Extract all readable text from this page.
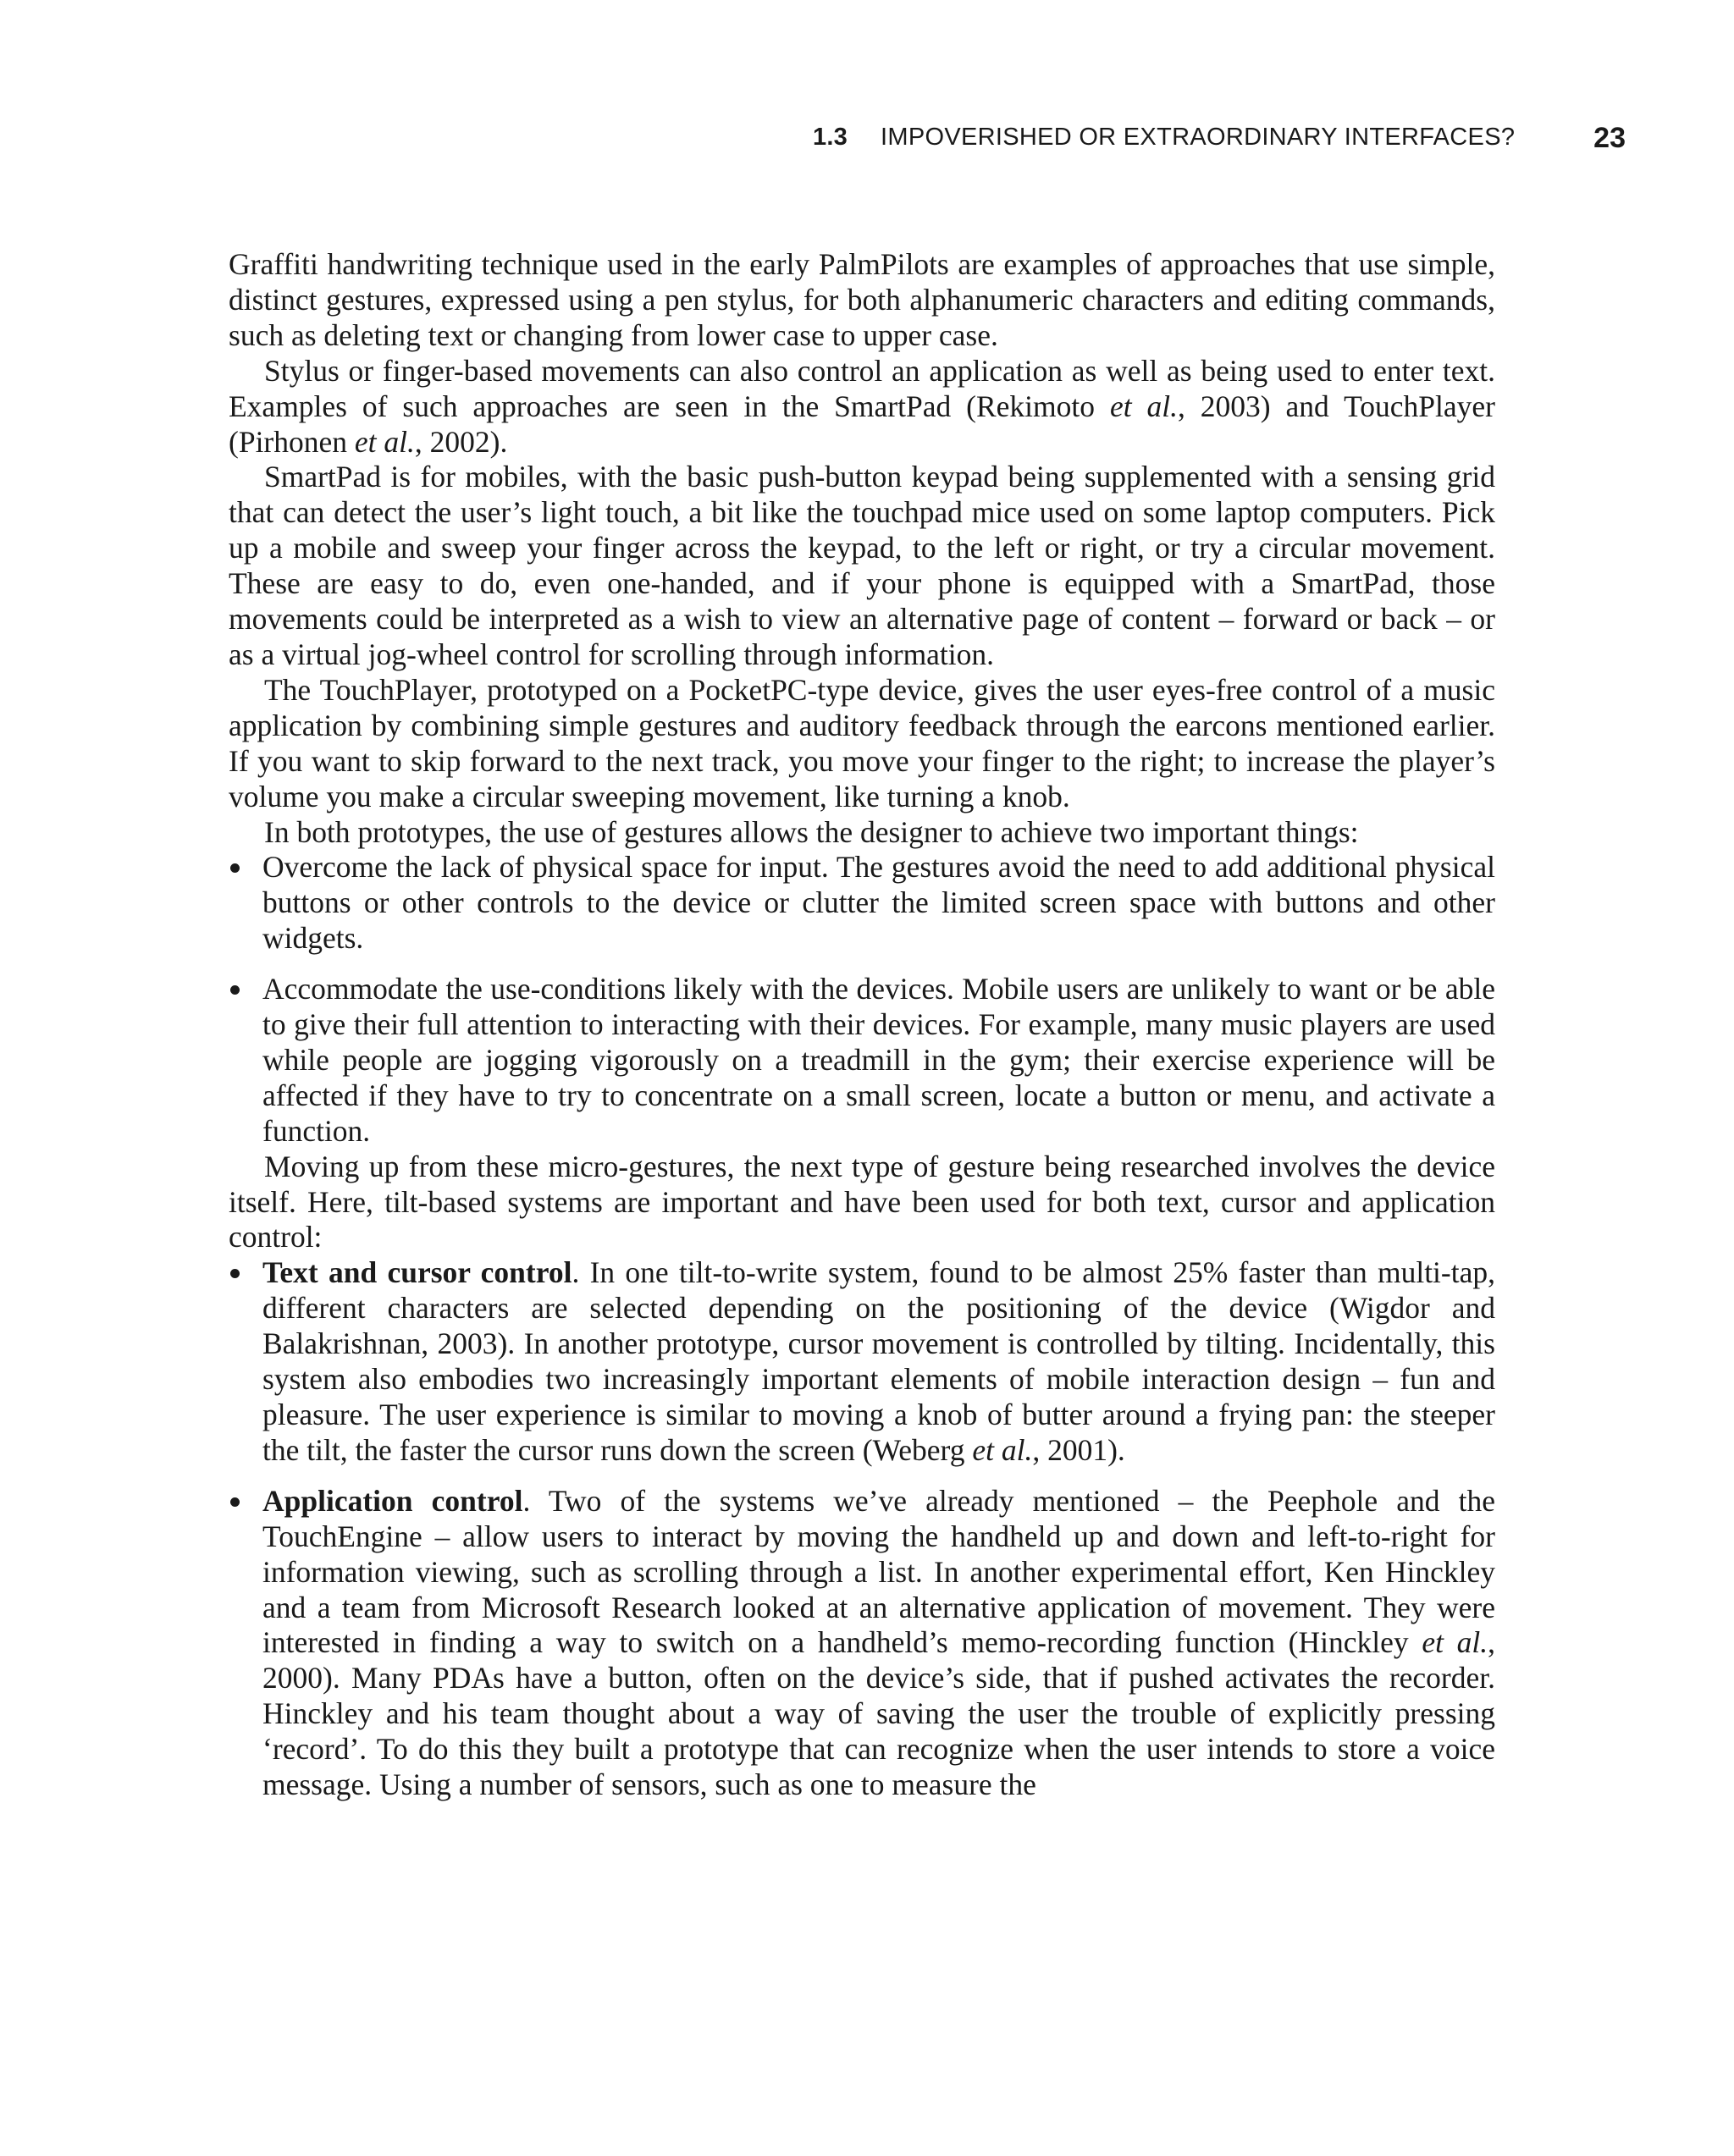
1.3 IMPOVERISHED OR EXTRAORDINARY INTERFACES?	23

Graffiti handwriting technique used in the early PalmPilots are examples of approaches that use simple, distinct gestures, expressed using a pen stylus, for both alphanumeric characters and editing commands, such as deleting text or changing from lower case to upper case.

Stylus or finger-based movements can also control an application as well as being used to enter text. Examples of such approaches are seen in the SmartPad (Rekimoto et al., 2003) and TouchPlayer (Pirhonen et al., 2002).

SmartPad is for mobiles, with the basic push-button keypad being supplemented with a sensing grid that can detect the user’s light touch, a bit like the touchpad mice used on some laptop computers. Pick up a mobile and sweep your finger across the keypad, to the left or right, or try a circular movement. These are easy to do, even one-handed, and if your phone is equipped with a SmartPad, those movements could be interpreted as a wish to view an alternative page of content – forward or back – or as a virtual jog-wheel control for scrolling through information.

The TouchPlayer, prototyped on a PocketPC-type device, gives the user eyes-free control of a music application by combining simple gestures and auditory feedback through the earcons mentioned earlier. If you want to skip forward to the next track, you move your finger to the right; to increase the player’s volume you make a circular sweeping movement, like turning a knob.

In both prototypes, the use of gestures allows the designer to achieve two important things:

Overcome the lack of physical space for input. The gestures avoid the need to add additional physical buttons or other controls to the device or clutter the limited screen space with buttons and other widgets.
Accommodate the use-conditions likely with the devices. Mobile users are unlikely to want or be able to give their full attention to interacting with their devices. For example, many music players are used while people are jogging vigorously on a treadmill in the gym; their exercise experience will be affected if they have to try to concentrate on a small screen, locate a button or menu, and activate a function.

Moving up from these micro-gestures, the next type of gesture being researched involves the device itself. Here, tilt-based systems are important and have been used for both text, cursor and application control:

Text and cursor control. In one tilt-to-write system, found to be almost 25% faster than multi-tap, different characters are selected depending on the positioning of the device (Wigdor and Balakrishnan, 2003). In another prototype, cursor movement is controlled by tilting. Incidentally, this system also embodies two increasingly important elements of mobile interaction design – fun and pleasure. The user experience is similar to moving a knob of butter around a frying pan: the steeper the tilt, the faster the cursor runs down the screen (Weberg et al., 2001).
Application control. Two of the systems we’ve already mentioned – the Peephole and the TouchEngine – allow users to interact by moving the handheld up and down and left-to-right for information viewing, such as scrolling through a list. In another experimental effort, Ken Hinckley and a team from Microsoft Research looked at an alternative application of movement. They were interested in finding a way to switch on a handheld’s memo-recording function (Hinckley et al., 2000). Many PDAs have a button, often on the device’s side, that if pushed activates the recorder. Hinckley and his team thought about a way of saving the user the trouble of explicitly pressing ‘record’. To do this they built a prototype that can recognize when the user intends to store a voice message. Using a number of sensors, such as one to measure the
